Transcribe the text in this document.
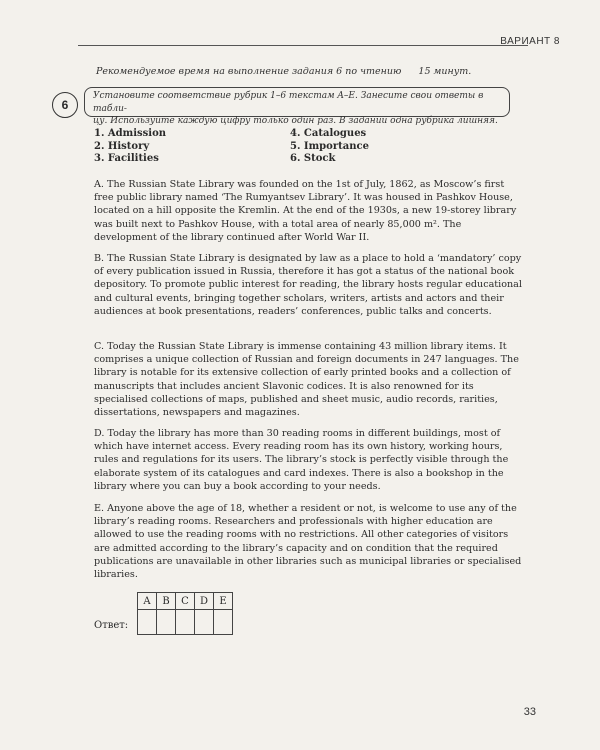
ВАРИАНТ 8
Рекомендуемое время на выполнение задания 6 по чтению 15 минут.
6
Установите соответствие рубрик 1–6 текстам A–E. Занесите свои ответы в табли-
цу. Используйте каждую цифру только один раз. В задании одна рубрика лишняя.
1. Admission
2. History
3. Facilities
4. Catalogues
5. Importance
6. Stock
A. The Russian State Library was founded on the 1st of July, 1862, as Moscow’s first free public library named ‘The Rumyantsev Library’. It was housed in Pashkov House, located on a hill opposite the Kremlin. At the end of the 1930s, a new 19-storey library was built next to Pashkov House, with a total area of nearly 85,000 m². The development of the library continued after World War II.
B. The Russian State Library is designated by law as a place to hold a ‘mandatory’ copy of every publication issued in Russia, therefore it has got a status of the national book depository. To promote public interest for reading, the library hosts regular educational and cultural events, bringing together scholars, writers, artists and actors and their audiences at book presentations, readers’ conferences, public talks and concerts.
C. Today the Russian State Library is immense containing 43 million library items. It comprises a unique collection of Russian and foreign documents in 247 languages. The library is notable for its extensive collection of early printed books and a collection of manuscripts that includes ancient Slavonic codices. It is also renowned for its specialised collections of maps, published and sheet music, audio records, rarities, dissertations, newspapers and magazines.
D. Today the library has more than 30 reading rooms in different buildings, most of which have internet access. Every reading room has its own history, working hours, rules and regulations for its users. The library’s stock is perfectly visible through the elaborate system of its catalogues and card indexes. There is also a bookshop in the library where you can buy a book according to your needs.
E. Anyone above the age of 18, whether a resident or not, is welcome to use any of the library’s reading rooms. Researchers and professionals with higher education are allowed to use the reading rooms with no restrictions. All other categories of visitors are admitted according to the library’s capacity and on condition that the required publications are unavailable in other libraries such as municipal libraries or specialised libraries.
Ответ:
A	B	C	D	E

33
